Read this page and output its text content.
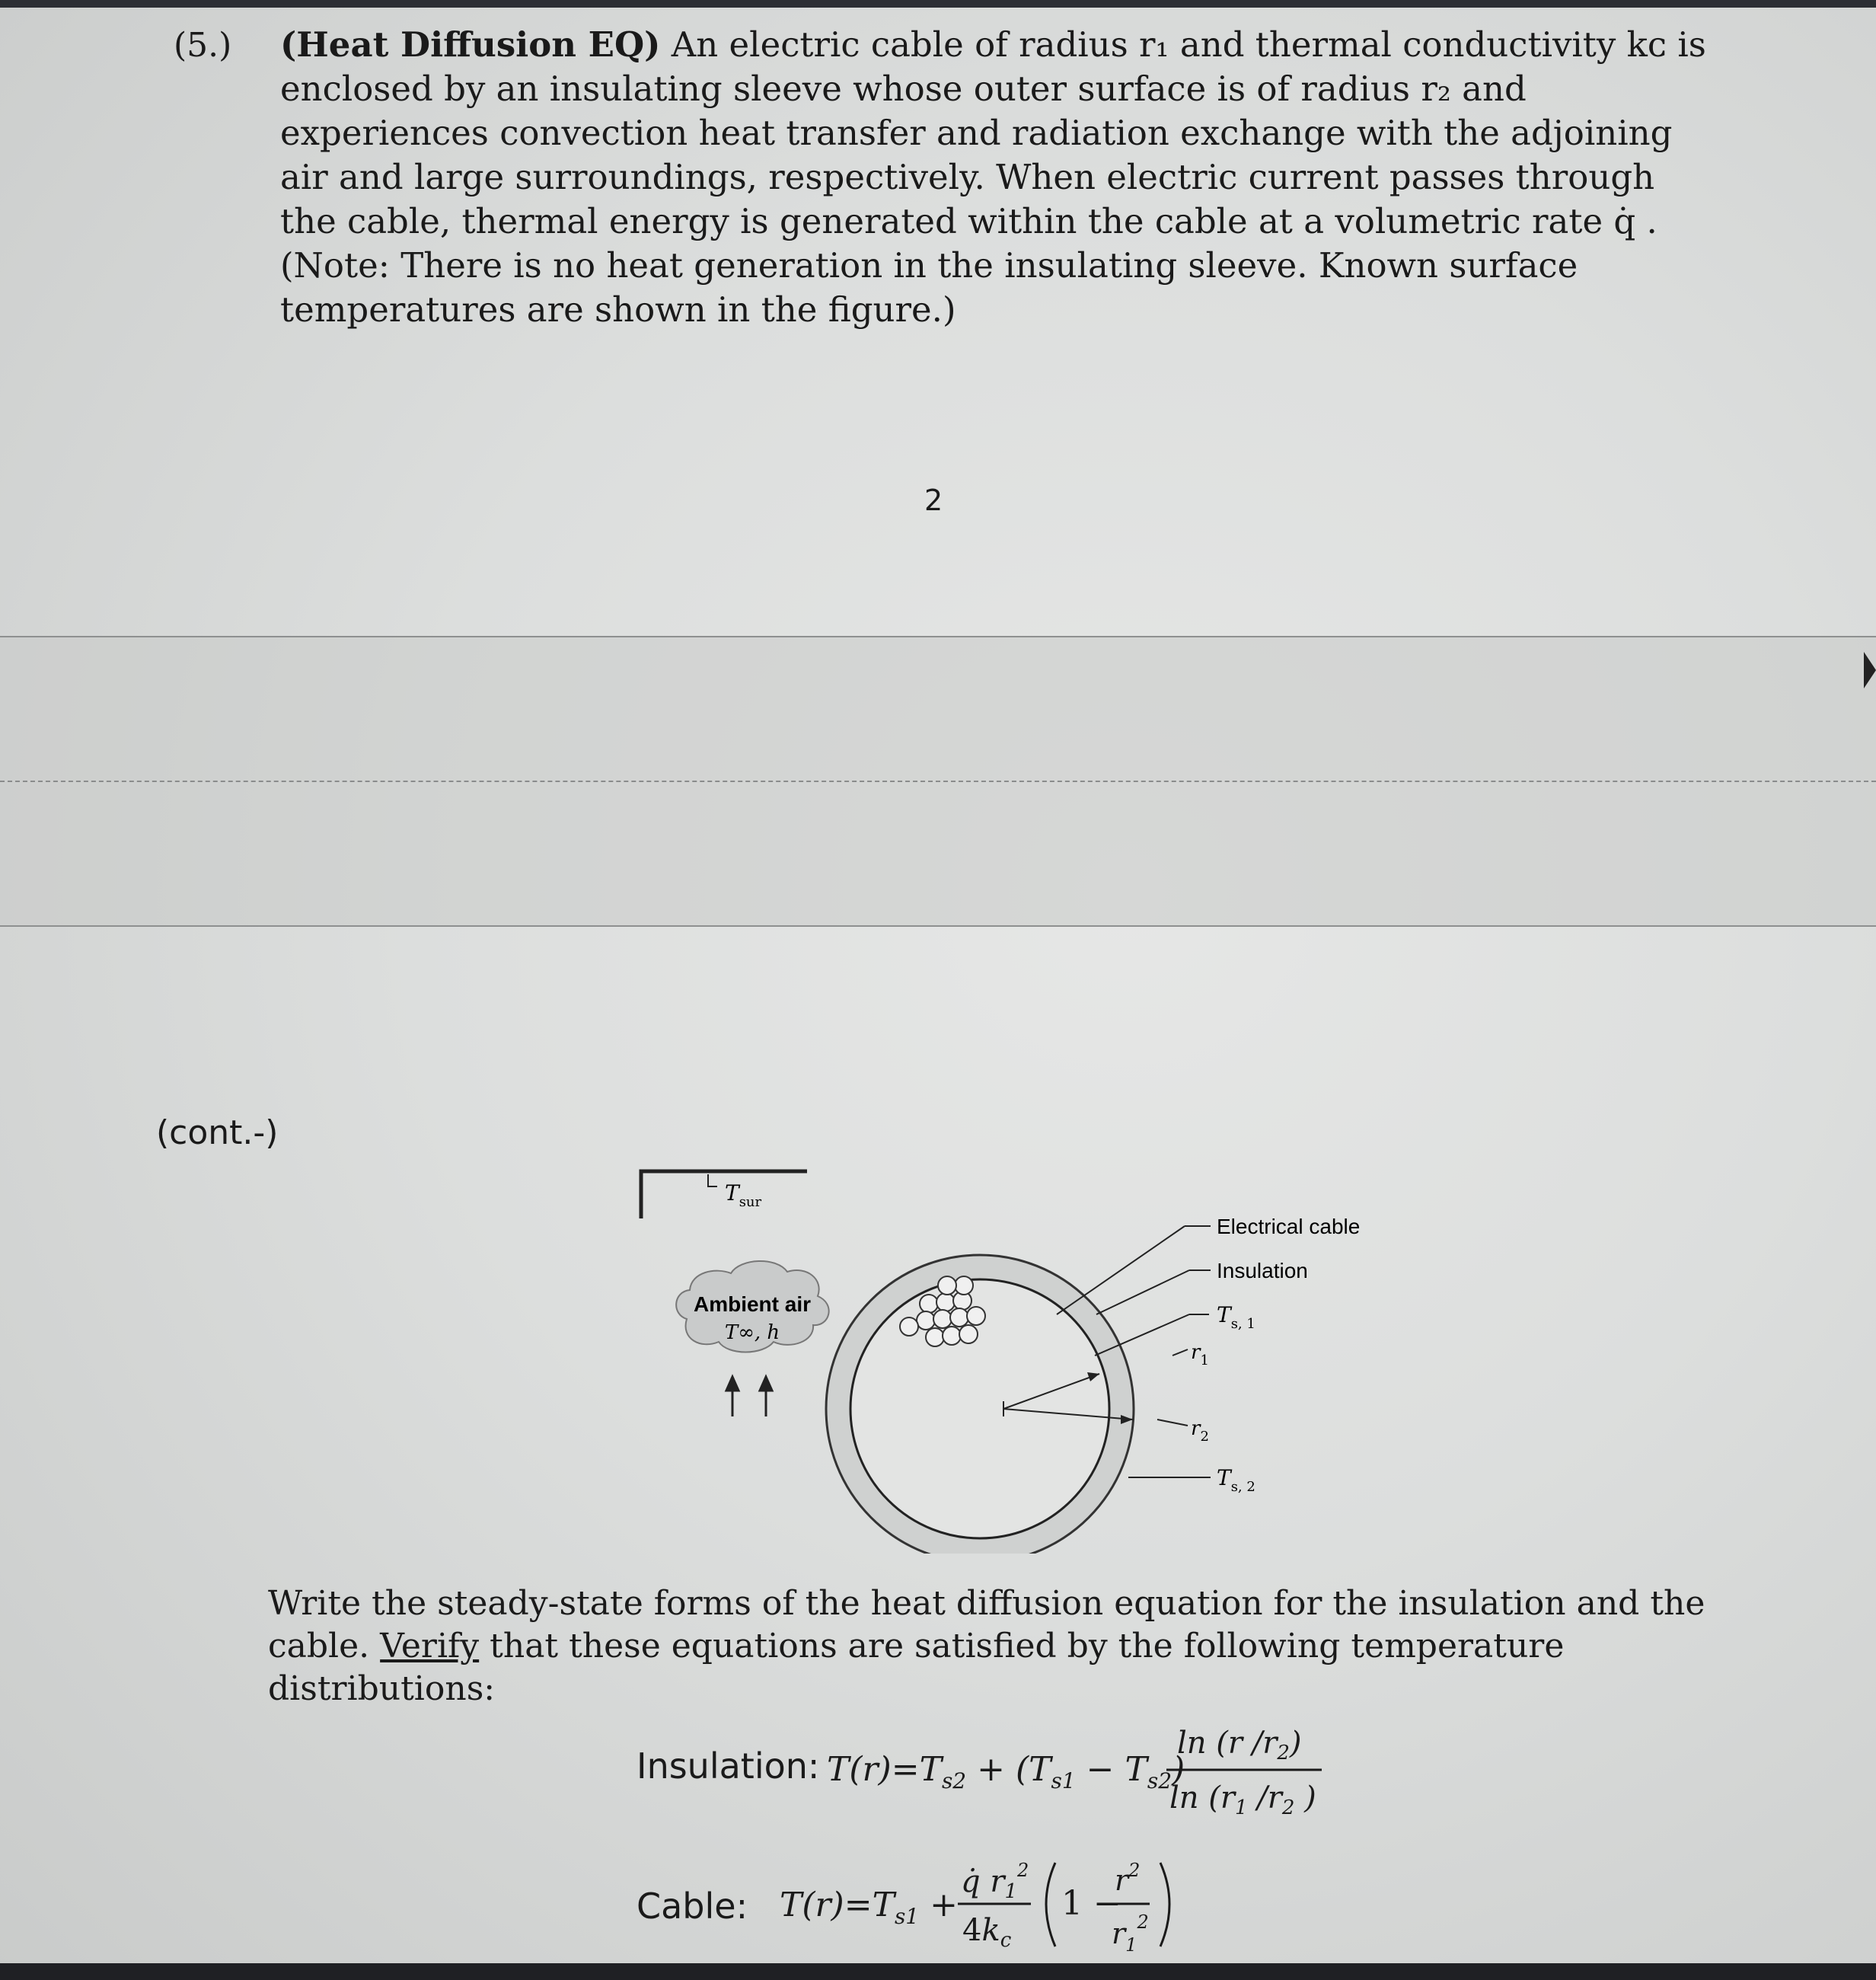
(5.) (Heat Diffusion EQ) An electric cable of radius r₁ and thermal conductivity kᴄ is enclosed by an insulating sleeve whose outer surface is of radius r₂ and experiences convection heat transfer and radiation exchange with the adjoining air and large surroundings, respectively. When electric current passes through the cable, thermal energy is generated within the cable at a volumetric rate q̇ . (Note: There is no heat generation in the insulating sleeve. Known surface temperatures are shown in the figure.)
2
(cont.-)
$T_{sur}$
Ambient air
T∞, h
Electrical cable
Insulation
$T_{s, 1}$
$r_1$
$r_2$
$T_{s, 2}$
Write the steady-state forms of the heat diffusion equation for the insulation and the cable. Verify that these equations are satisfied by the following temperature distributions:
Insulation: $T(r)=T_{s2} + (T_{s1} - T_{s2})$
ln (r $/r_2$)
$\ln (r_1$ $/r_2$ )
Cable: $T(r)=T_{s1}$ +
q̇ $r_1^2$
$4k_c$
1 −
$r^2$
$r_1^2$
